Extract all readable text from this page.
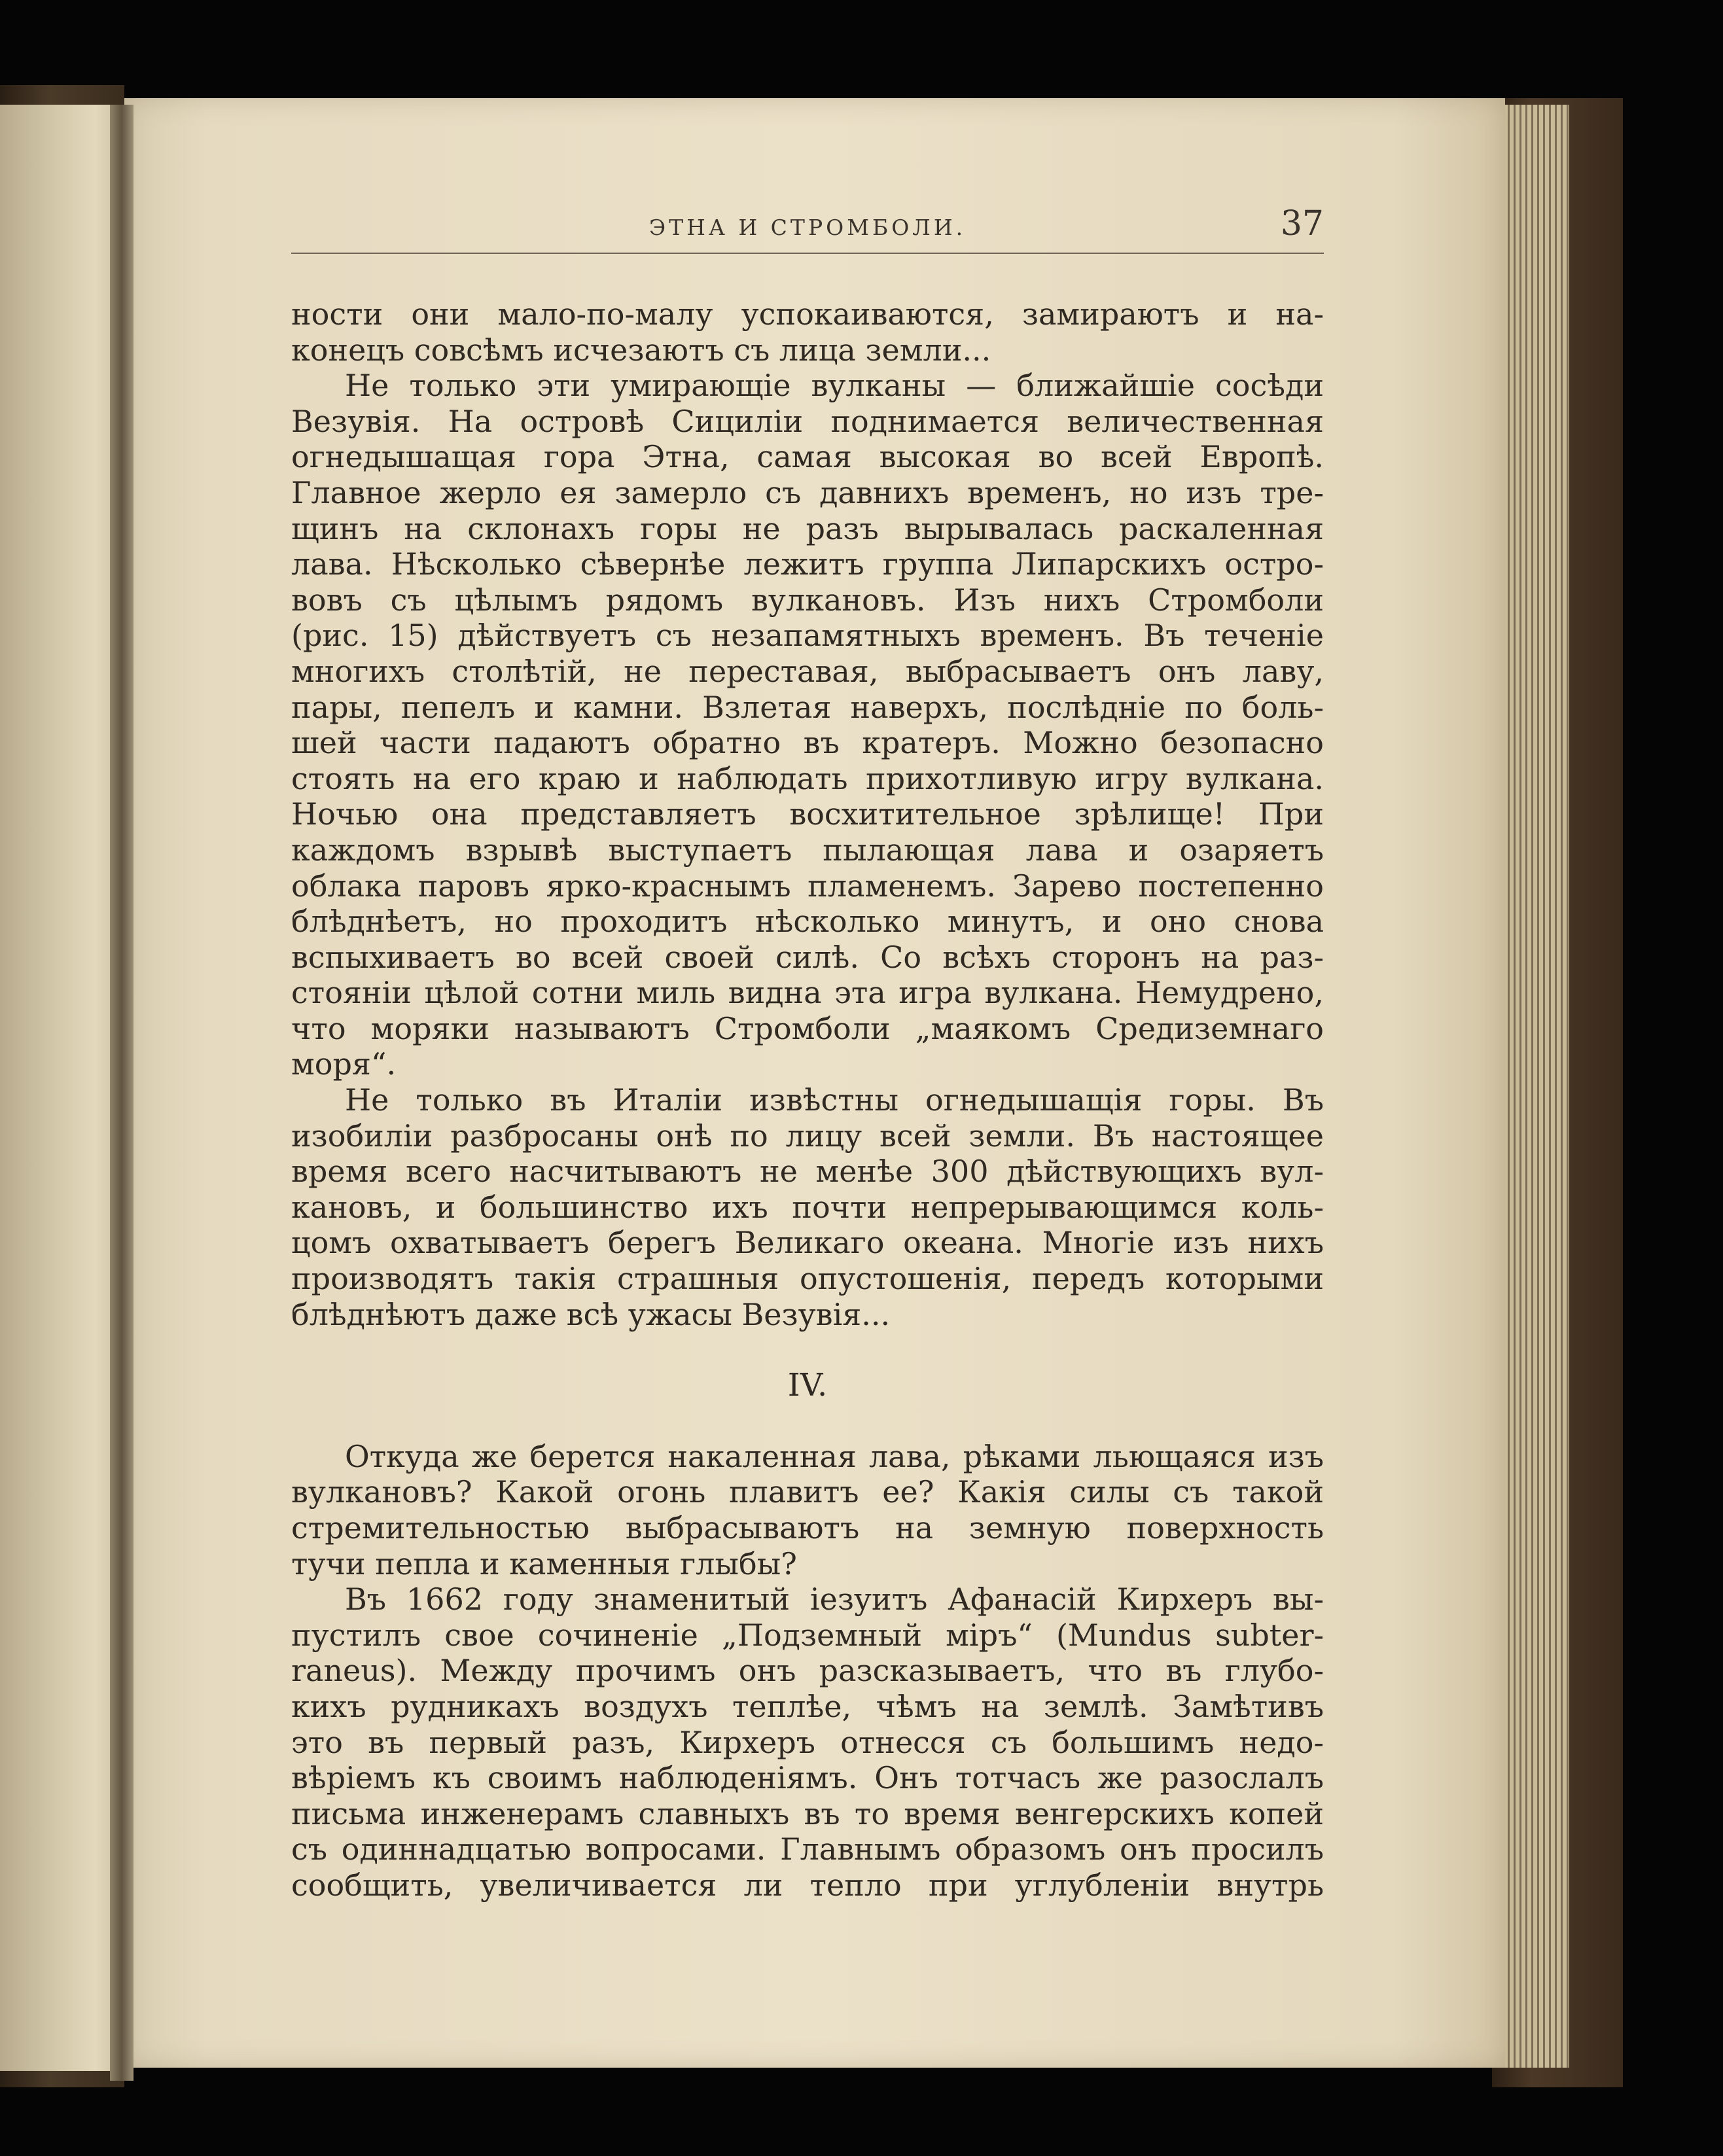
ЭТНА И СТРОМБОЛИ.	37
ности они мало-по-малу успокаиваются, замираютъ и на-
конецъ совсѣмъ исчезаютъ съ лица земли...
Не только эти умирающіе вулканы — ближайшіе сосѣди
Везувія. На островѣ Сициліи поднимается величественная
огнедышащая гора Этна, самая высокая во всей Европѣ.
Главное жерло ея замерло съ давнихъ временъ, но изъ тре-
щинъ на склонахъ горы не разъ вырывалась раскаленная
лава. Нѣсколько сѣвернѣе лежитъ группа Липарскихъ остро-
вовъ съ цѣлымъ рядомъ вулкановъ. Изъ нихъ Стромболи
(рис. 15) дѣйствуетъ съ незапамятныхъ временъ. Въ теченіе
многихъ столѣтій, не переставая, выбрасываетъ онъ лаву,
пары, пепелъ и камни. Взлетая наверхъ, послѣдніе по боль-
шей части падаютъ обратно въ кратеръ. Можно безопасно
стоять на его краю и наблюдать прихотливую игру вулкана.
Ночью она представляетъ восхитительное зрѣлище! При
каждомъ взрывѣ выступаетъ пылающая лава и озаряетъ
облака паровъ ярко-краснымъ пламенемъ. Зарево постепенно
блѣднѣетъ, но проходитъ нѣсколько минутъ, и оно снова
вспыхиваетъ во всей своей силѣ. Со всѣхъ сторонъ на раз-
стояніи цѣлой сотни миль видна эта игра вулкана. Немудрено,
что моряки называютъ Стромболи „маякомъ Средиземнаго
моря“.
Не только въ Италіи извѣстны огнедышащія горы. Въ
изобиліи разбросаны онѣ по лицу всей земли. Въ настоящее
время всего насчитываютъ не менѣе 300 дѣйствующихъ вул-
кановъ, и большинство ихъ почти непрерывающимся коль-
цомъ охватываетъ берегъ Великаго океана. Многіе изъ нихъ
производятъ такія страшныя опустошенія, передъ которыми
блѣднѣютъ даже всѣ ужасы Везувія...
IV.
Откуда же берется накаленная лава, рѣками льющаяся изъ
вулкановъ? Какой огонь плавитъ ее? Какія силы съ такой
стремительностью выбрасываютъ на земную поверхность
тучи пепла и каменныя глыбы?
Въ 1662 году знаменитый іезуитъ Афанасій Кирхеръ вы-
пустилъ свое сочиненіе „Подземный міръ“ (Mundus subter-
raneus). Между прочимъ онъ разсказываетъ, что въ глубо-
кихъ рудникахъ воздухъ теплѣе, чѣмъ на землѣ. Замѣтивъ
это въ первый разъ, Кирхеръ отнесся съ большимъ недо-
вѣріемъ къ своимъ наблюденіямъ. Онъ тотчасъ же разослалъ
письма инженерамъ славныхъ въ то время венгерскихъ копей
съ одиннадцатью вопросами. Главнымъ образомъ онъ просилъ
сообщить, увеличивается ли тепло при углубленіи внутрь
